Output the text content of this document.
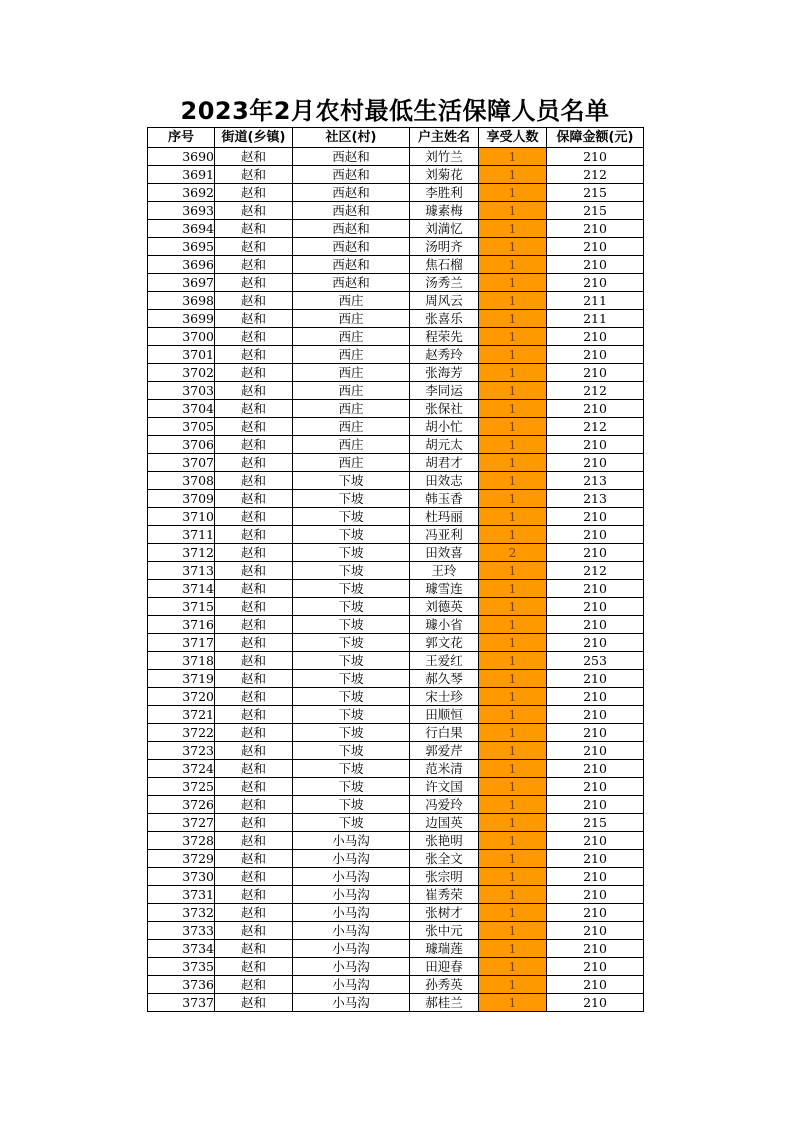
2023年2月农村最低生活保障人员名单
序号	街道(乡镇)	社区(村)	户主姓名	享受人数	保障金额(元)
3690	赵和	西赵和	刘竹兰	1	210
3691	赵和	西赵和	刘菊花	1	212
3692	赵和	西赵和	李胜利	1	215
3693	赵和	西赵和	璩素梅	1	215
3694	赵和	西赵和	刘満忆	1	210
3695	赵和	西赵和	汤明齐	1	210
3696	赵和	西赵和	焦石榴	1	210
3697	赵和	西赵和	汤秀兰	1	210
3698	赵和	西庄	周风云	1	211
3699	赵和	西庄	张喜乐	1	211
3700	赵和	西庄	程荣先	1	210
3701	赵和	西庄	赵秀玲	1	210
3702	赵和	西庄	张海芳	1	210
3703	赵和	西庄	李同运	1	212
3704	赵和	西庄	张保社	1	210
3705	赵和	西庄	胡小忙	1	212
3706	赵和	西庄	胡元太	1	210
3707	赵和	西庄	胡君才	1	210
3708	赵和	下坡	田效志	1	213
3709	赵和	下坡	韩玉香	1	213
3710	赵和	下坡	杜玛丽	1	210
3711	赵和	下坡	冯亚利	1	210
3712	赵和	下坡	田效喜	2	210
3713	赵和	下坡	王玲	1	212
3714	赵和	下坡	璩雪连	1	210
3715	赵和	下坡	刘德英	1	210
3716	赵和	下坡	璩小省	1	210
3717	赵和	下坡	郭文花	1	210
3718	赵和	下坡	王爱红	1	253
3719	赵和	下坡	郝久琴	1	210
3720	赵和	下坡	宋士珍	1	210
3721	赵和	下坡	田顺恒	1	210
3722	赵和	下坡	行白果	1	210
3723	赵和	下坡	郭爱芹	1	210
3724	赵和	下坡	范米清	1	210
3725	赵和	下坡	许文国	1	210
3726	赵和	下坡	冯爱玲	1	210
3727	赵和	下坡	边国英	1	215
3728	赵和	小马沟	张艳明	1	210
3729	赵和	小马沟	张全文	1	210
3730	赵和	小马沟	张宗明	1	210
3731	赵和	小马沟	崔秀荣	1	210
3732	赵和	小马沟	张树才	1	210
3733	赵和	小马沟	张中元	1	210
3734	赵和	小马沟	璩瑞莲	1	210
3735	赵和	小马沟	田迎春	1	210
3736	赵和	小马沟	孙秀英	1	210
3737	赵和	小马沟	郝桂兰	1	210
